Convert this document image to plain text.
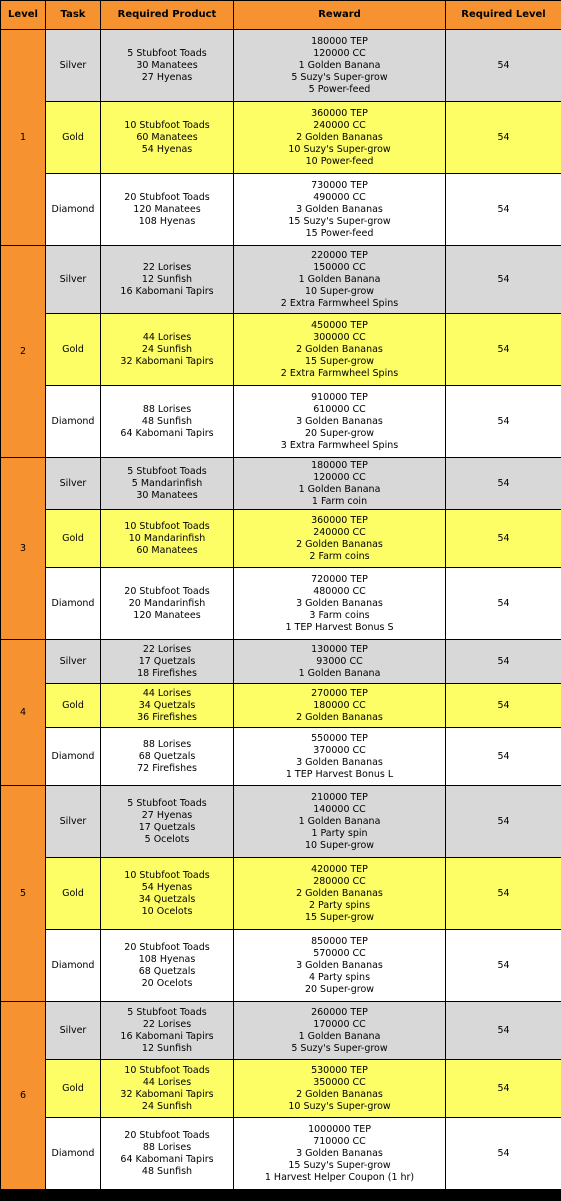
Level	Task	Required Product	Reward	Required Level
1	Silver	5 Stubfoot Toads
30 Manatees
27 Hyenas	180000 TEP
120000 CC
1 Golden Banana
5 Suzy's Super-grow
5 Power-feed	54
	Gold	10 Stubfoot Toads
60 Manatees
54 Hyenas	360000 TEP
240000 CC
2 Golden Bananas
10 Suzy's Super-grow
10 Power-feed	54
	Diamond	20 Stubfoot Toads
120 Manatees
108 Hyenas	730000 TEP
490000 CC
3 Golden Bananas
15 Suzy's Super-grow
15 Power-feed	54
2	Silver	22 Lorises
12 Sunfish
16 Kabomani Tapirs	220000 TEP
150000 CC
1 Golden Banana
10 Super-grow
2 Extra Farmwheel Spins	54
	Gold	44 Lorises
24 Sunfish
32 Kabomani Tapirs	450000 TEP
300000 CC
2 Golden Bananas
15 Super-grow
2 Extra Farmwheel Spins	54
	Diamond	88 Lorises
48 Sunfish
64 Kabomani Tapirs	910000 TEP
610000 CC
3 Golden Bananas
20 Super-grow
3 Extra Farmwheel Spins	54
3	Silver	5 Stubfoot Toads
5 Mandarinfish
30 Manatees	180000 TEP
120000 CC
1 Golden Banana
1 Farm coin	54
	Gold	10 Stubfoot Toads
10 Mandarinfish
60 Manatees	360000 TEP
240000 CC
2 Golden Bananas
2 Farm coins	54
	Diamond	20 Stubfoot Toads
20 Mandarinfish
120 Manatees	720000 TEP
480000 CC
3 Golden Bananas
3 Farm coins
1 TEP Harvest Bonus S	54
4	Silver	22 Lorises
17 Quetzals
18 Firefishes	130000 TEP
93000 CC
1 Golden Banana	54
	Gold	44 Lorises
34 Quetzals
36 Firefishes	270000 TEP
180000 CC
2 Golden Bananas	54
	Diamond	88 Lorises
68 Quetzals
72 Firefishes	550000 TEP
370000 CC
3 Golden Bananas
1 TEP Harvest Bonus L	54
5	Silver	5 Stubfoot Toads
27 Hyenas
17 Quetzals
5 Ocelots	210000 TEP
140000 CC
1 Golden Banana
1 Party spin
10 Super-grow	54
	Gold	10 Stubfoot Toads
54 Hyenas
34 Quetzals
10 Ocelots	420000 TEP
280000 CC
2 Golden Bananas
2 Party spins
15 Super-grow	54
	Diamond	20 Stubfoot Toads
108 Hyenas
68 Quetzals
20 Ocelots	850000 TEP
570000 CC
3 Golden Bananas
4 Party spins
20 Super-grow	54
6	Silver	5 Stubfoot Toads
22 Lorises
16 Kabomani Tapirs
12 Sunfish	260000 TEP
170000 CC
1 Golden Banana
5 Suzy's Super-grow	54
	Gold	10 Stubfoot Toads
44 Lorises
32 Kabomani Tapirs
24 Sunfish	530000 TEP
350000 CC
2 Golden Bananas
10 Suzy's Super-grow	54
	Diamond	20 Stubfoot Toads
88 Lorises
64 Kabomani Tapirs
48 Sunfish	1000000 TEP
710000 CC
3 Golden Bananas
15 Suzy's Super-grow
1 Harvest Helper Coupon (1 hr)	54
